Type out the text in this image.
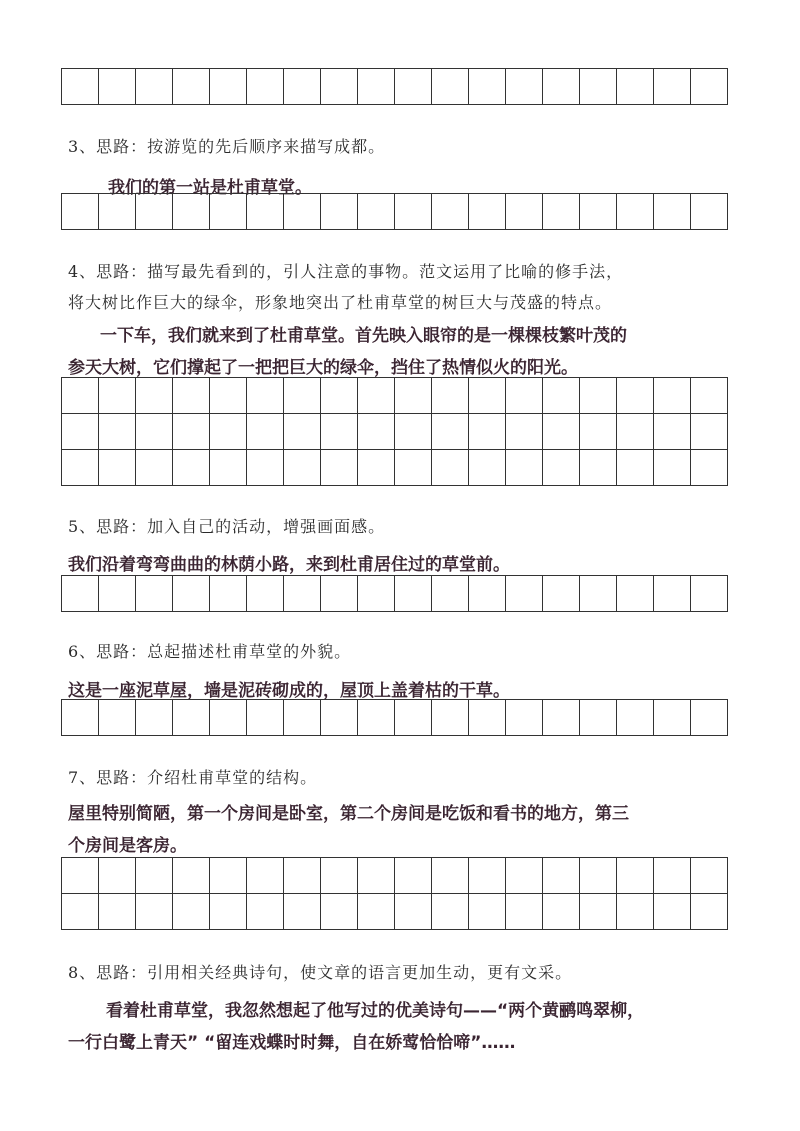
3、思路：按游览的先后顺序来描写成都。
我们的第一站是杜甫草堂。

4、思路：描写最先看到的，引人注意的事物。范文运用了比喻的修手法，
将大树比作巨大的绿伞，形象地突出了杜甫草堂的树巨大与茂盛的特点。
一下车，我们就来到了杜甫草堂。首先映入眼帘的是一棵棵枝繁叶茂的
参天大树，它们撑起了一把把巨大的绿伞，挡住了热情似火的阳光。

5、思路：加入自己的活动，增强画面感。
我们沿着弯弯曲曲的林荫小路，来到杜甫居住过的草堂前。

6、思路：总起描述杜甫草堂的外貌。
这是一座泥草屋，墙是泥砖砌成的，屋顶上盖着枯的干草。

7、思路：介绍杜甫草堂的结构。
屋里特别简陋，第一个房间是卧室，第二个房间是吃饭和看书的地方，第三
个房间是客房。

8、思路：引用相关经典诗句，使文章的语言更加生动，更有文采。
看着杜甫草堂，我忽然想起了他写过的优美诗句——“两个黄鹂鸣翠柳，
一行白鹭上青天” “留连戏蝶时时舞，自在娇莺恰恰啼”……
